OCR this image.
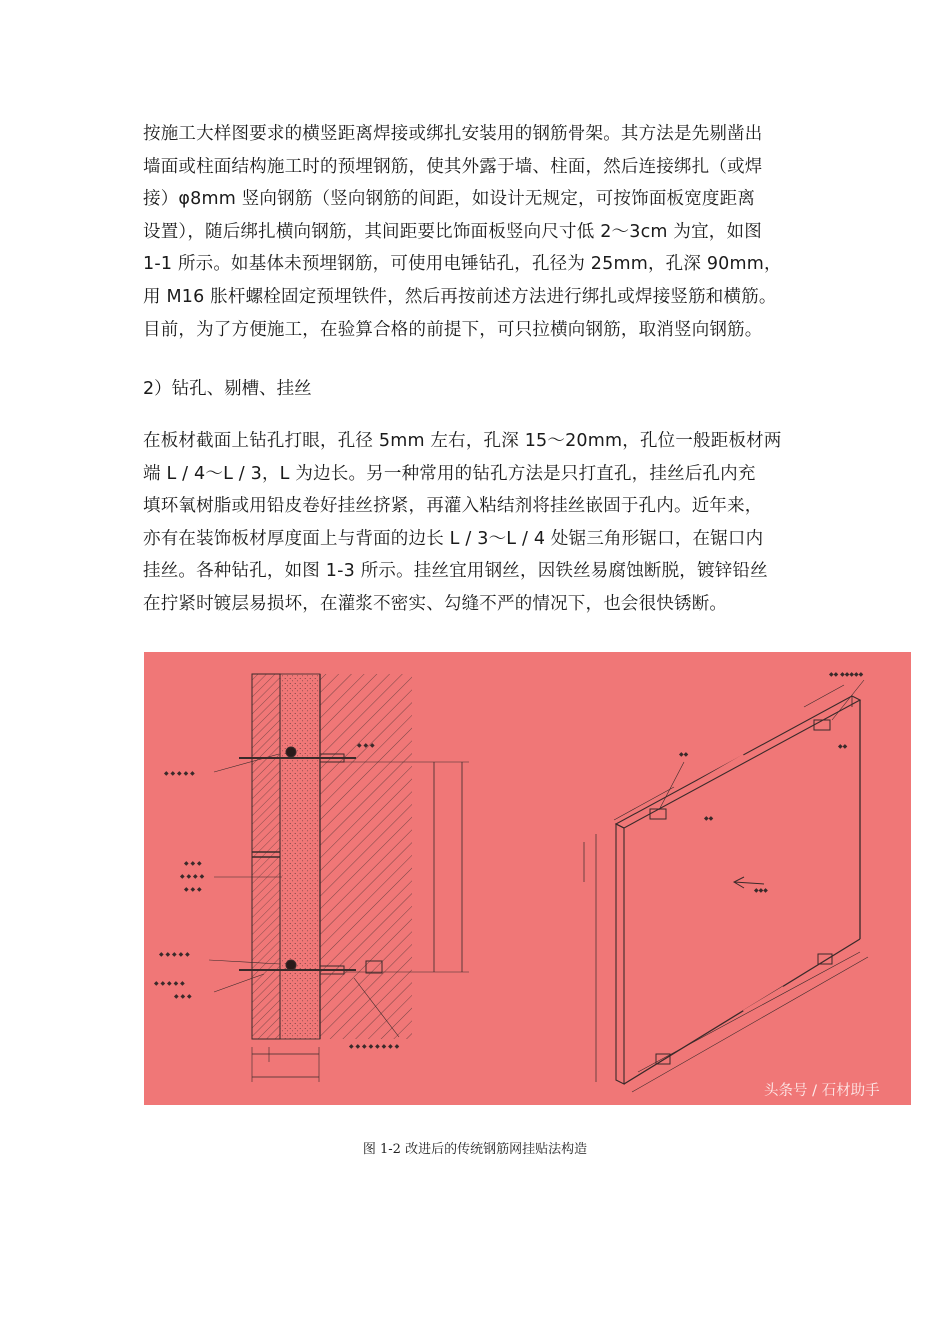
按施工大样图要求的横竖距离焊接或绑扎安装用的钢筋骨架。其方法是先剔凿出
墙面或柱面结构施工时的预埋钢筋，使其外露于墙、柱面，然后连接绑扎（或焊
接）φ8mm 竖向钢筋（竖向钢筋的间距，如设计无规定，可按饰面板宽度距离
设置），随后绑扎横向钢筋，其间距要比饰面板竖向尺寸低 2～3cm 为宜，如图
1-1 所示。如基体未预埋钢筋，可使用电锤钻孔，孔径为 25mm，孔深 90mm，
用 M16 胀杆螺栓固定预埋铁件，然后再按前述方法进行绑扎或焊接竖筋和横筋。
目前，为了方便施工，在验算合格的前提下，可只拉横向钢筋，取消竖向钢筋。

2）钻孔、剔槽、挂丝

在板材截面上钻孔打眼，孔径 5mm 左右，孔深 15～20mm，孔位一般距板材两
端 L / 4～L / 3，L 为边长。另一种常用的钻孔方法是只打直孔，挂丝后孔内充
填环氧树脂或用铅皮卷好挂丝挤紧，再灌入粘结剂将挂丝嵌固于孔内。近年来，
亦有在装饰板材厚度面上与背面的边长 L / 3～L / 4 处锯三角形锯口，在锯口内
挂丝。各种钻孔，如图 1-3 所示。挂丝宜用钢丝，因铁丝易腐蚀断脱，镀锌铅丝
在拧紧时镀层易损坏，在灌浆不密实、勾缝不严的情况下，也会很快锈断。
◆ ◆ ◆ ◆ ◆
◆ ◆ ◆
◆ ◆ ◆ ◆
◆ ◆ ◆
◆ ◆ ◆ ◆ ◆
◆ ◆ ◆ ◆ ◆
◆ ◆ ◆
◆ ◆ ◆
◆ ◆ ◆ ◆ ◆ ◆ ◆ ◆
◆◆ ◆◆◆◆◆
◆◆
◆◆
◆◆
◆◆◆
头条号 / 石材助手
图 1-2 改进后的传统钢筋网挂贴法构造
